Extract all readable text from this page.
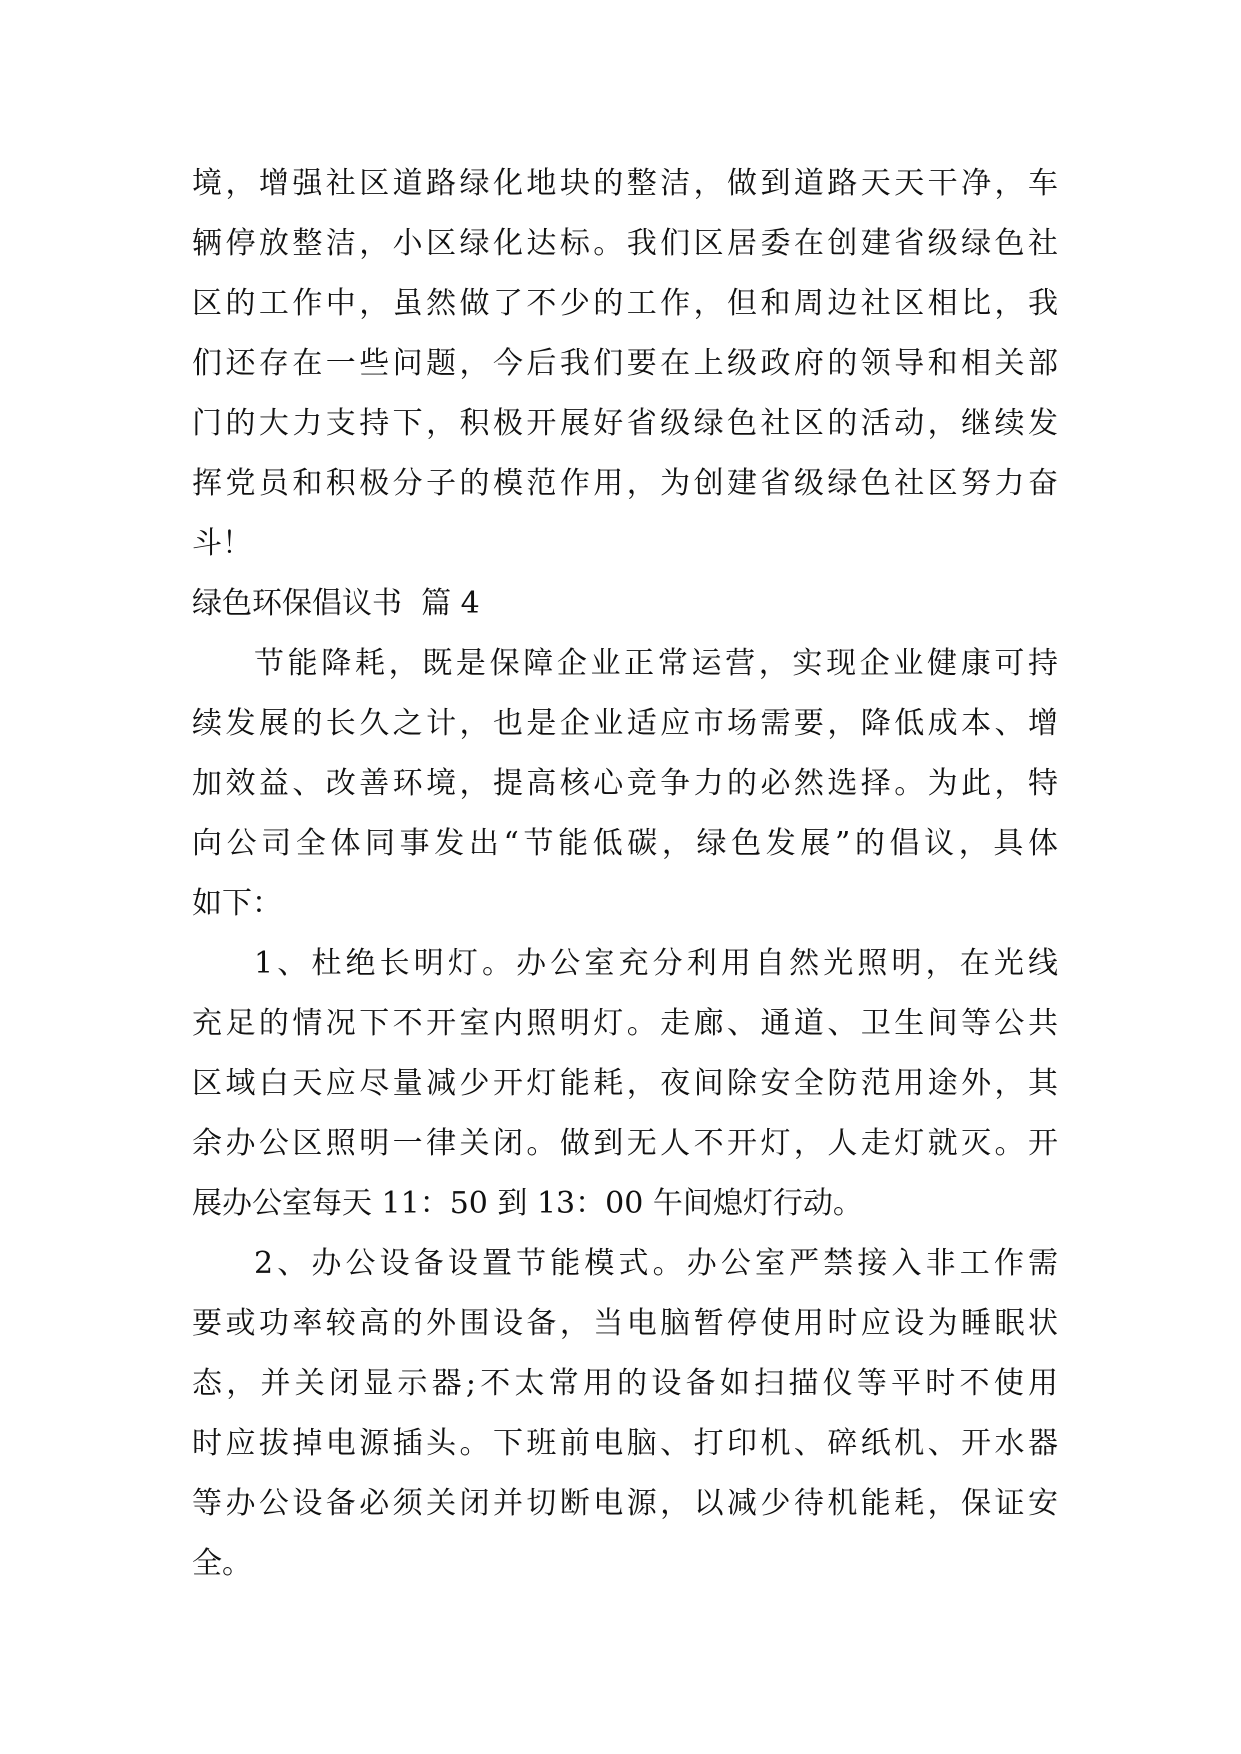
境，增强社区道路绿化地块的整洁，做到道路天天干净，车
辆停放整洁，小区绿化达标。我们区居委在创建省级绿色社
区的工作中，虽然做了不少的工作，但和周边社区相比，我
们还存在一些问题，今后我们要在上级政府的领导和相关部
门的大力支持下，积极开展好省级绿色社区的活动，继续发
挥党员和积极分子的模范作用，为创建省级绿色社区努力奋
斗！
绿色环保倡议书  篇 4
节能降耗，既是保障企业正常运营，实现企业健康可持
续发展的长久之计，也是企业适应市场需要，降低成本、增
加效益、改善环境，提高核心竞争力的必然选择。为此，特
向公司全体同事发出“节能低碳，绿色发展”的倡议，具体
如下：
1、杜绝长明灯。办公室充分利用自然光照明，在光线
充足的情况下不开室内照明灯。走廊、通道、卫生间等公共
区域白天应尽量减少开灯能耗，夜间除安全防范用途外，其
余办公区照明一律关闭。做到无人不开灯，人走灯就灭。开
展办公室每天 11：50 到 13：00 午间熄灯行动。
2、办公设备设置节能模式。办公室严禁接入非工作需
要或功率较高的外围设备，当电脑暂停使用时应设为睡眠状
态，并关闭显示器;不太常用的设备如扫描仪等平时不使用
时应拔掉电源插头。下班前电脑、打印机、碎纸机、开水器
等办公设备必须关闭并切断电源，以减少待机能耗，保证安
全。
